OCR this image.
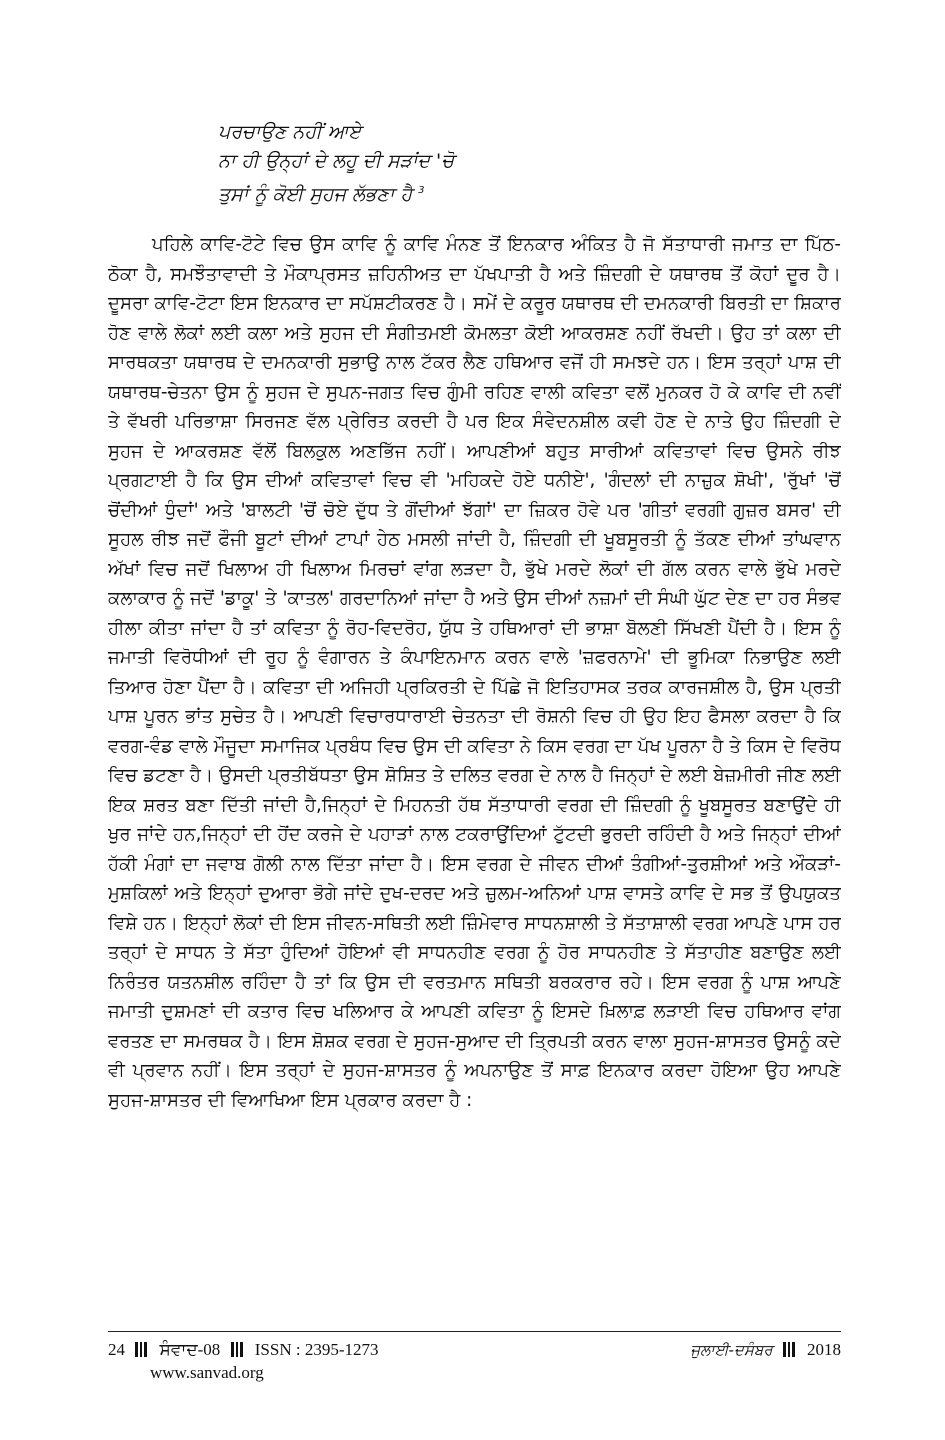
ਪਰਚਾਉਣ ਨਹੀਂ ਆਏ
ਨਾ ਹੀ ਉਨ੍ਹਾਂ ਦੇ ਲਹੂ ਦੀ ਸੜਾਂਦ 'ਚੋ
ਤੁਸਾਂ ਨੂੰ ਕੋਈ ਸੁਹਜ ਲੱਭਣਾ ਹੈ $^3$

ਪਹਿਲੇ ਕਾਵਿ-ਟੋਟੇ ਵਿਚ ਉਸ ਕਾਵਿ ਨੂੰ ਕਾਵਿ ਮੰਨਣ ਤੋਂ ਇਨਕਾਰ ਅੰਕਿਤ ਹੈ ਜੋ ਸੱਤਾਧਾਰੀ ਜਮਾਤ ਦਾ ਪਿੱਠ-ਠੋਕਾ ਹੈ, ਸਮਝੌਤਾਵਾਦੀ ਤੇ ਮੌਕਾਪ੍ਰਸਤ ਜ਼ਹਿਨੀਅਤ ਦਾ ਪੱਖਪਾਤੀ ਹੈ ਅਤੇ ਜ਼ਿੰਦਗੀ ਦੇ ਯਥਾਰਥ ਤੋਂ ਕੋਹਾਂ ਦੂਰ ਹੈ। ਦੂਸਰਾ ਕਾਵਿ-ਟੋਟਾ ਇਸ ਇਨਕਾਰ ਦਾ ਸਪੱਸ਼ਟੀਕਰਣ ਹੈ। ਸਮੇਂ ਦੇ ਕਰੂਰ ਯਥਾਰਥ ਦੀ ਦਮਨਕਾਰੀ ਬਿਰਤੀ ਦਾ ਸ਼ਿਕਾਰ ਹੋਣ ਵਾਲੇ ਲੋਕਾਂ ਲਈ ਕਲਾ ਅਤੇ ਸੁਹਜ ਦੀ ਸੰਗੀਤਮਈ ਕੋਮਲਤਾ ਕੋਈ ਆਕਰਸ਼ਣ ਨਹੀਂ ਰੱਖਦੀ। ਉਹ ਤਾਂ ਕਲਾ ਦੀ ਸਾਰਥਕਤਾ ਯਥਾਰਥ ਦੇ ਦਮਨਕਾਰੀ ਸੁਭਾਉ ਨਾਲ ਟੱਕਰ ਲੈਣ ਹਥਿਆਰ ਵਜੋਂ ਹੀ ਸਮਝਦੇ ਹਨ। ਇਸ ਤਰ੍ਹਾਂ ਪਾਸ਼ ਦੀ ਯਥਾਰਥ-ਚੇਤਨਾ ਉਸ ਨੂੰ ਸੁਹਜ ਦੇ ਸੁਪਨ-ਜਗਤ ਵਿਚ ਗੁੰਮੀ ਰਹਿਣ ਵਾਲੀ ਕਵਿਤਾ ਵਲੋਂ ਮੁਨਕਰ ਹੋ ਕੇ ਕਾਵਿ ਦੀ ਨਵੀਂ ਤੇ ਵੱਖਰੀ ਪਰਿਭਾਸ਼ਾ ਸਿਰਜਣ ਵੱਲ ਪ੍ਰੇਰਿਤ ਕਰਦੀ ਹੈ ਪਰ ਇਕ ਸੰਵੇਦਨਸ਼ੀਲ ਕਵੀ ਹੋਣ ਦੇ ਨਾਤੇ ਉਹ ਜ਼ਿੰਦਗੀ ਦੇ ਸੁਹਜ ਦੇ ਆਕਰਸ਼ਣ ਵੱਲੋਂ ਬਿਲਕੁਲ ਅਣਭਿੱਜ ਨਹੀਂ। ਆਪਣੀਆਂ ਬਹੁਤ ਸਾਰੀਆਂ ਕਵਿਤਾਵਾਂ ਵਿਚ ਉਸਨੇ ਰੀਝ ਪ੍ਰਗਟਾਈ ਹੈ ਕਿ ਉਸ ਦੀਆਂ ਕਵਿਤਾਵਾਂ ਵਿਚ ਵੀ 'ਮਹਿਕਦੇ ਹੋਏ ਧਨੀਏ', 'ਗੰਦਲਾਂ ਦੀ ਨਾਜ਼ੁਕ ਸ਼ੋਖੀ', 'ਰੁੱਖਾਂ 'ਚੋਂ ਚੋਂਦੀਆਂ ਧੁੰਦਾਂ' ਅਤੇ 'ਬਾਲਟੀ 'ਚੋਂ ਚੋਏ ਦੁੱਧ ਤੇ ਗੋਂਦੀਆਂ ਝੱਗਾਂ' ਦਾ ਜ਼ਿਕਰ ਹੋਵੇ ਪਰ 'ਗੀਤਾਂ ਵਰਗੀ ਗੁਜ਼ਰ ਬਸਰ' ਦੀ ਸੂਹਲ ਰੀਝ ਜਦੋਂ ਫੌਜੀ ਬੂਟਾਂ ਦੀਆਂ ਟਾਪਾਂ ਹੇਠ ਮਸਲੀ ਜਾਂਦੀ ਹੈ, ਜ਼ਿੰਦਗੀ ਦੀ ਖੂਬਸੂਰਤੀ ਨੂੰ ਤੱਕਣ ਦੀਆਂ ਤਾਂਘਵਾਨ ਅੱਖਾਂ ਵਿਚ ਜਦੋਂ ਖਿਲਾਅ ਹੀ ਖਿਲਾਅ ਮਿਰਚਾਂ ਵਾਂਗ ਲੜਦਾ ਹੈ, ਭੁੱਖੇ ਮਰਦੇ ਲੋਕਾਂ ਦੀ ਗੱਲ ਕਰਨ ਵਾਲੇ ਭੁੱਖੇ ਮਰਦੇ ਕਲਾਕਾਰ ਨੂੰ ਜਦੋਂ 'ਡਾਕੂ' ਤੇ 'ਕਾਤਲ' ਗਰਦਾਨਿਆਂ ਜਾਂਦਾ ਹੈ ਅਤੇ ਉਸ ਦੀਆਂ ਨਜ਼ਮਾਂ ਦੀ ਸੰਘੀ ਘੁੱਟ ਦੇਣ ਦਾ ਹਰ ਸੰਭਵ ਹੀਲਾ ਕੀਤਾ ਜਾਂਦਾ ਹੈ ਤਾਂ ਕਵਿਤਾ ਨੂੰ ਰੋਹ-ਵਿਦਰੋਹ, ਯੁੱਧ ਤੇ ਹਥਿਆਰਾਂ ਦੀ ਭਾਸ਼ਾ ਬੋਲਣੀ ਸਿੱਖਣੀ ਪੈਂਦੀ ਹੈ। ਇਸ ਨੂੰ ਜਮਾਤੀ ਵਿਰੋਧੀਆਂ ਦੀ ਰੂਹ ਨੂੰ ਵੰਗਾਰਨ ਤੇ ਕੰਪਾਇਨਮਾਨ ਕਰਨ ਵਾਲੇ 'ਜ਼ਫਰਨਾਮੇ' ਦੀ ਭੂਮਿਕਾ ਨਿਭਾਉਣ ਲਈ ਤਿਆਰ ਹੋਣਾ ਪੈਂਦਾ ਹੈ। ਕਵਿਤਾ ਦੀ ਅਜਿਹੀ ਪ੍ਰਕਿਰਤੀ ਦੇ ਪਿੱਛੇ ਜੋ ਇਤਿਹਾਸਕ ਤਰਕ ਕਾਰਜਸ਼ੀਲ ਹੈ, ਉਸ ਪ੍ਰਤੀ ਪਾਸ਼ ਪੂਰਨ ਭਾਂਤ ਸੁਚੇਤ ਹੈ। ਆਪਣੀ ਵਿਚਾਰਧਾਰਾਈ ਚੇਤਨਤਾ ਦੀ ਰੋਸ਼ਨੀ ਵਿਚ ਹੀ ਉਹ ਇਹ ਫੈਸਲਾ ਕਰਦਾ ਹੈ ਕਿ ਵਰਗ-ਵੰਡ ਵਾਲੇ ਮੌਜੂਦਾ ਸਮਾਜਿਕ ਪ੍ਰਬੰਧ ਵਿਚ ਉਸ ਦੀ ਕਵਿਤਾ ਨੇ ਕਿਸ ਵਰਗ ਦਾ ਪੱਖ ਪੂਰਨਾ ਹੈ ਤੇ ਕਿਸ ਦੇ ਵਿਰੋਧ ਵਿਚ ਡਟਣਾ ਹੈ। ਉਸਦੀ ਪ੍ਰਤੀਬੱਧਤਾ ਉਸ ਸ਼ੋਸ਼ਿਤ ਤੇ ਦਲਿਤ ਵਰਗ ਦੇ ਨਾਲ ਹੈ ਜਿਨ੍ਹਾਂ ਦੇ ਲਈ ਬੇਜ਼ਮੀਰੀ ਜੀਣ ਲਈ ਇਕ ਸ਼ਰਤ ਬਣਾ ਦਿੱਤੀ ਜਾਂਦੀ ਹੈ,ਜਿਨ੍ਹਾਂ ਦੇ ਮਿਹਨਤੀ ਹੱਥ ਸੱਤਾਧਾਰੀ ਵਰਗ ਦੀ ਜ਼ਿੰਦਗੀ ਨੂੰ ਖੂਬਸੂਰਤ ਬਣਾਉਂਦੇ ਹੀ ਖੁਰ ਜਾਂਦੇ ਹਨ,ਜਿਨ੍ਹਾਂ ਦੀ ਹੋਂਦ ਕਰਜੇ ਦੇ ਪਹਾੜਾਂ ਨਾਲ ਟਕਰਾਉਂਦਿਆਂ ਟੁੱਟਦੀ ਭੁਰਦੀ ਰਹਿੰਦੀ ਹੈ ਅਤੇ ਜਿਨ੍ਹਾਂ ਦੀਆਂ ਹੱਕੀ ਮੰਗਾਂ ਦਾ ਜਵਾਬ ਗੋਲੀ ਨਾਲ ਦਿੱਤਾ ਜਾਂਦਾ ਹੈ। ਇਸ ਵਰਗ ਦੇ ਜੀਵਨ ਦੀਆਂ ਤੰਗੀਆਂ-ਤੁਰਸ਼ੀਆਂ ਅਤੇ ਔਕੜਾਂ-ਮੁਸ਼ਕਿਲਾਂ ਅਤੇ ਇਨ੍ਹਾਂ ਦੁਆਰਾ ਭੋਗੇ ਜਾਂਦੇ ਦੁਖ-ਦਰਦ ਅਤੇ ਜ਼ੁਲਮ-ਅਨਿਆਂ ਪਾਸ਼ ਵਾਸਤੇ ਕਾਵਿ ਦੇ ਸਭ ਤੋਂ ਉਪਯੁਕਤ ਵਿਸ਼ੇ ਹਨ। ਇਨ੍ਹਾਂ ਲੋਕਾਂ ਦੀ ਇਸ ਜੀਵਨ-ਸਥਿਤੀ ਲਈ ਜ਼ਿੰਮੇਵਾਰ ਸਾਧਨਸ਼ਾਲੀ ਤੇ ਸੱਤਾਸ਼ਾਲੀ ਵਰਗ ਆਪਣੇ ਪਾਸ ਹਰ ਤਰ੍ਹਾਂ ਦੇ ਸਾਧਨ ਤੇ ਸੱਤਾ ਹੁੰਦਿਆਂ ਹੋਇਆਂ ਵੀ ਸਾਧਨਹੀਣ ਵਰਗ ਨੂੰ ਹੋਰ ਸਾਧਨਹੀਣ ਤੇ ਸੱਤਾਹੀਣ ਬਣਾਉਣ ਲਈ ਨਿਰੰਤਰ ਯਤਨਸ਼ੀਲ ਰਹਿੰਦਾ ਹੈ ਤਾਂ ਕਿ ਉਸ ਦੀ ਵਰਤਮਾਨ ਸਥਿਤੀ ਬਰਕਰਾਰ ਰਹੇ। ਇਸ ਵਰਗ ਨੂੰ ਪਾਸ਼ ਆਪਣੇ ਜਮਾਤੀ ਦੁਸ਼ਮਣਾਂ ਦੀ ਕਤਾਰ ਵਿਚ ਖਲਿਆਰ ਕੇ ਆਪਣੀ ਕਵਿਤਾ ਨੂੰ ਇਸਦੇ ਖ਼ਿਲਾਫ਼ ਲੜਾਈ ਵਿਚ ਹਥਿਆਰ ਵਾਂਗ ਵਰਤਣ ਦਾ ਸਮਰਥਕ ਹੈ। ਇਸ ਸ਼ੋਸ਼ਕ ਵਰਗ ਦੇ ਸੁਹਜ-ਸੁਆਦ ਦੀ ਤ੍ਰਿਪਤੀ ਕਰਨ ਵਾਲਾ ਸੁਹਜ-ਸ਼ਾਸਤਰ ਉਸਨੂੰ ਕਦੇ ਵੀ ਪ੍ਰਵਾਨ ਨਹੀਂ। ਇਸ ਤਰ੍ਹਾਂ ਦੇ ਸੁਹਜ-ਸ਼ਾਸਤਰ ਨੂੰ ਅਪਨਾਉਣ ਤੋਂ ਸਾਫ਼ ਇਨਕਾਰ ਕਰਦਾ ਹੋਇਆ ਉਹ ਆਪਣੇ ਸੁਹਜ-ਸ਼ਾਸਤਰ ਦੀ ਵਿਆਖਿਆ ਇਸ ਪ੍ਰਕਾਰ ਕਰਦਾ ਹੈ :

24 ਸੰਵਾਦ-08 ISSN : 2395-1273	ਜੁਲਾਈ-ਦਸੰਬਰ 2018
www.sanvad.org
